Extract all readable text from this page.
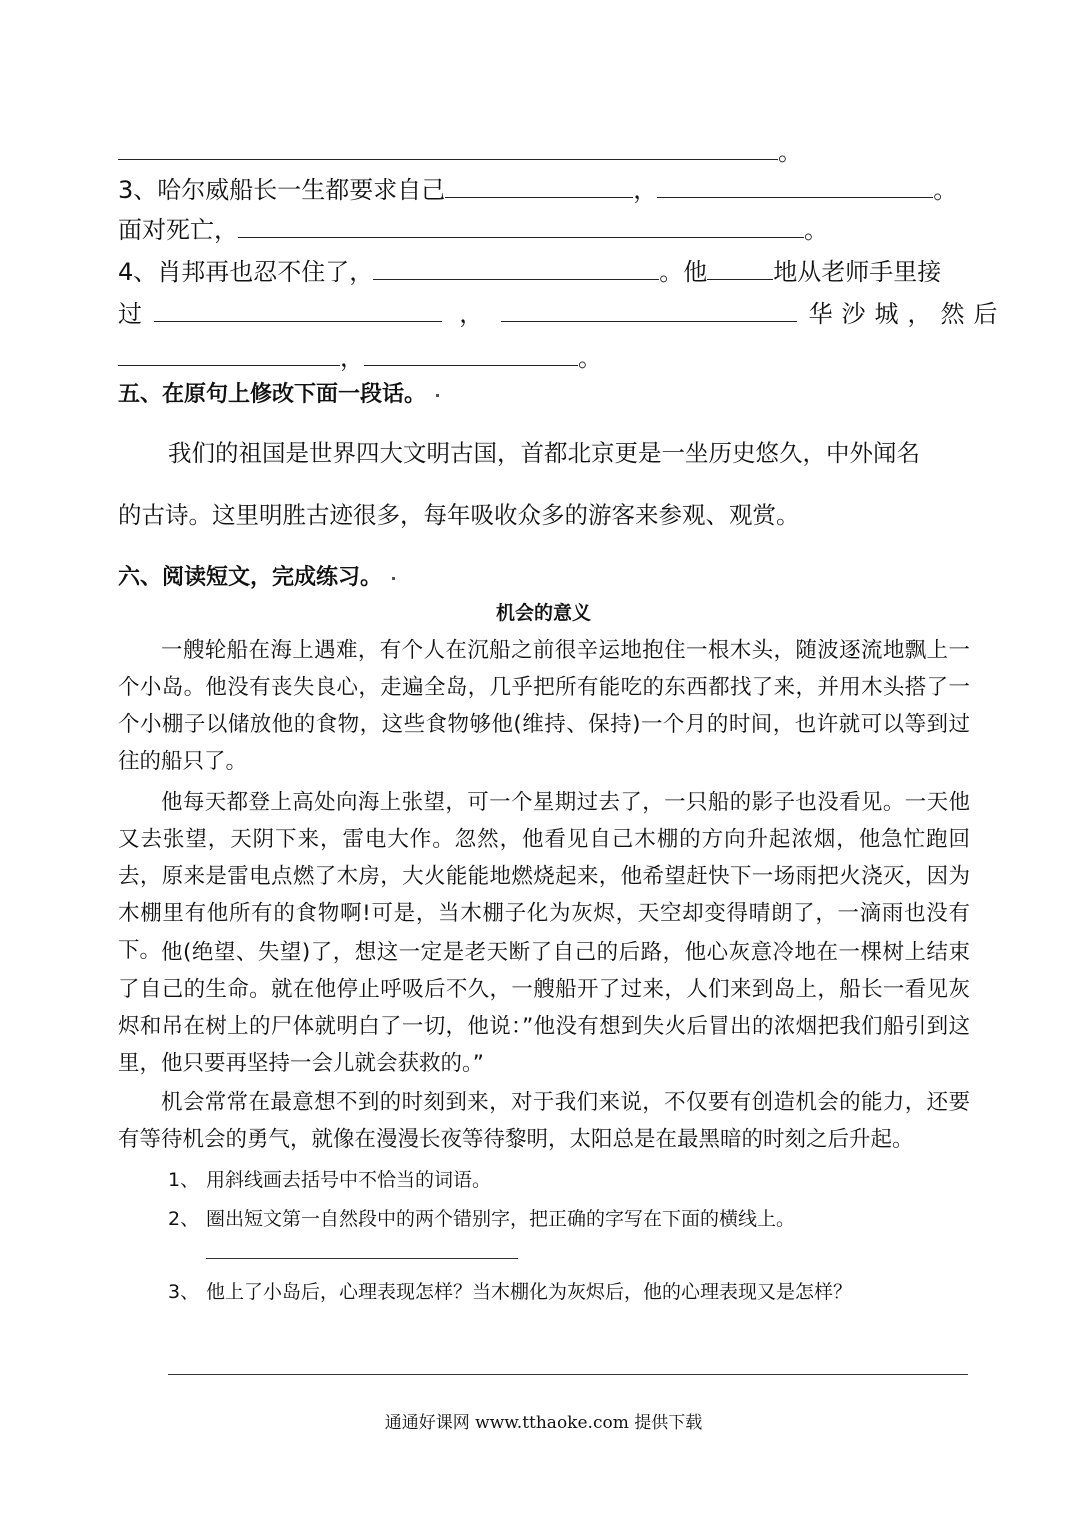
。
3、哈尔威船长一生都要求自己	，	。
面对死亡，	。
4、肖邦再也忍不住了，	。他	地从老师手里接
过	，	华沙城，然后
，	。
五、在原句上修改下面一段话。
我们的祖国是世界四大文明古国，首都北京更是一坐历史悠久，中外闻名
的古诗。这里明胜古迹很多，每年吸收众多的游客来参观、观赏。
六、阅读短文，完成练习。
机会的意义
一艘轮船在海上遇难，有个人在沉船之前很辛运地抱住一根木头，随波逐流地飘上一个小岛。他没有丧失良心，走遍全岛，几乎把所有能吃的东西都找了来，并用木头搭了一个小棚子以储放他的食物，这些食物够他(维持、保持)一个月的时间，也许就可以等到过往的船只了。
他每天都登上高处向海上张望，可一个星期过去了，一只船的影子也没看见。一天他又去张望，天阴下来，雷电大作。忽然，他看见自己木棚的方向升起浓烟，他急忙跑回去，原来是雷电点燃了木房，大火能能地燃烧起来，他希望赶快下一场雨把火浇灭，因为木棚里有他所有的食物啊!可是，当木棚子化为灰烬，天空却变得晴朗了，一滴雨也没有下。 他(绝望、失望)了，想这一定是老天断了自己的后路，他心灰意冷地在一棵树上结束了自己的生命。就在他停止呼吸后不久，一艘船开了过来，人们来到岛上，船长一看见灰烬和吊在树上的尸体就明白了一切，他说：”他没有想到失火后冒出的浓烟把我们船引到这里，他只要再坚持一会儿就会获救的。”
机会常常在最意想不到的时刻到来，对于我们来说，不仅要有创造机会的能力，还要有等待机会的勇气，就像在漫漫长夜等待黎明，太阳总是在最黑暗的时刻之后升起。
1、 用斜线画去括号中不恰当的词语。
2、 圈出短文第一自然段中的两个错别字，把正确的字写在下面的横线上。
3、 他上了小岛后，心理表现怎样？当木棚化为灰烬后，他的心理表现又是怎样？
通通好课网 www.tthaoke.com 提供下载
